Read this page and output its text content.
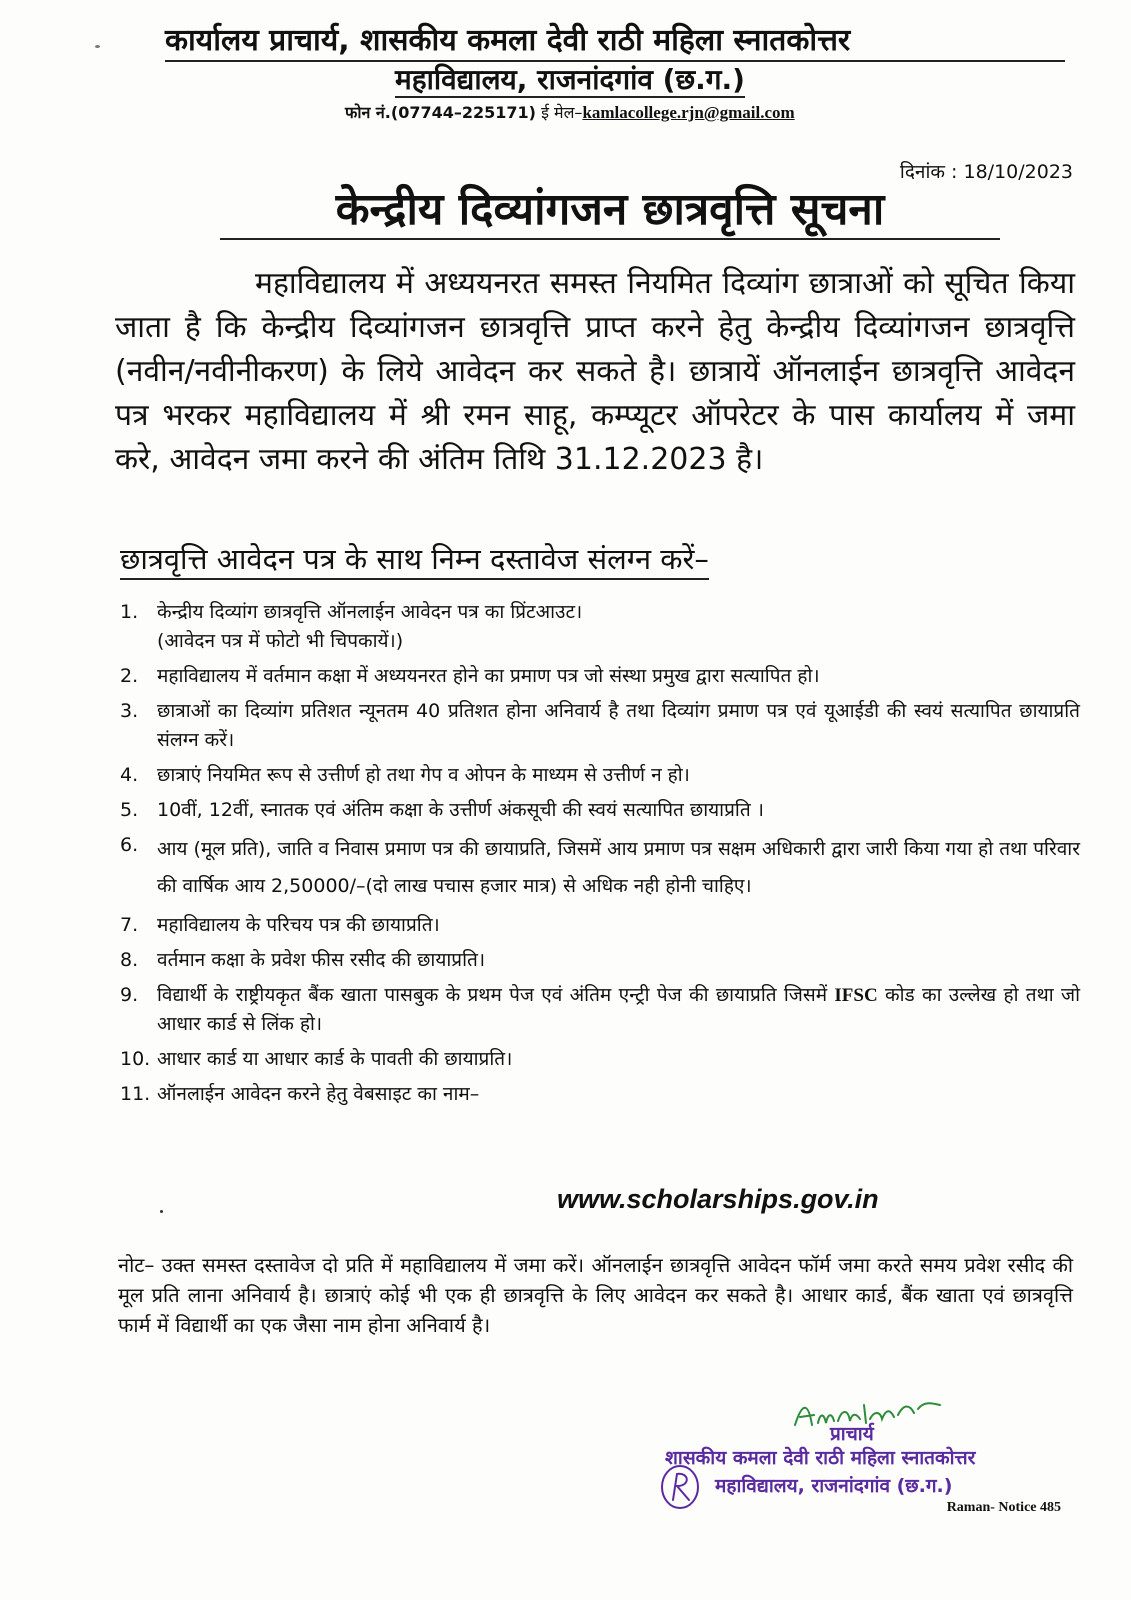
कार्यालय प्राचार्य, शासकीय कमला देवी राठी महिला स्नातकोत्तर
महाविद्यालय, राजनांदगांव (छ.ग.)
फोन नं.(07744–225171) ई मेल–kamlacollege.rjn@gmail.com
दिनांक : 18/10/2023
केन्द्रीय दिव्यांगजन छात्रवृत्ति सूचना
महाविद्यालय में अध्ययनरत समस्त नियमित दिव्यांग छात्राओं को सूचित किया जाता है कि केन्द्रीय दिव्यांगजन छात्रवृत्ति प्राप्त करने हेतु केन्द्रीय दिव्यांगजन छात्रवृत्ति (नवीन/नवीनीकरण) के लिये आवेदन कर सकते है। छात्रायें ऑनलाईन छात्रवृत्ति आवेदन पत्र भरकर महाविद्यालय में श्री रमन साहू, कम्प्यूटर ऑपरेटर के पास कार्यालय में जमा करे, आवेदन जमा करने की अंतिम तिथि 31.12.2023 है।
छात्रवृत्ति आवेदन पत्र के साथ निम्न दस्तावेज संलग्न करें–
1. केन्द्रीय दिव्यांग छात्रवृत्ति ऑनलाईन आवेदन पत्र का प्रिंटआउट।
(आवेदन पत्र में फोटो भी चिपकायें।)
2. महाविद्यालय में वर्तमान कक्षा में अध्ययनरत होने का प्रमाण पत्र जो संस्था प्रमुख द्वारा सत्यापित हो।
3. छात्राओं का दिव्यांग प्रतिशत न्यूनतम 40 प्रतिशत होना अनिवार्य है तथा दिव्यांग प्रमाण पत्र एवं यूआईडी की स्वयं सत्यापित छायाप्रति संलग्न करें।
4. छात्राएं नियमित रूप से उत्तीर्ण हो तथा गेप व ओपन के माध्यम से उत्तीर्ण न हो।
5. 10वीं, 12वीं, स्नातक एवं अंतिम कक्षा के उत्तीर्ण अंकसूची की स्वयं सत्यापित छायाप्रति ।
6. आय (मूल प्रति), जाति व निवास प्रमाण पत्र की छायाप्रति, जिसमें आय प्रमाण पत्र सक्षम अधिकारी द्वारा जारी किया गया हो तथा परिवार की वार्षिक आय 2,50000/–(दो लाख पचास हजार मात्र) से अधिक नही होनी चाहिए।
7. महाविद्यालय के परिचय पत्र की छायाप्रति।
8. वर्तमान कक्षा के प्रवेश फीस रसीद की छायाप्रति।
9. विद्यार्थी के राष्ट्रीयकृत बैंक खाता पासबुक के प्रथम पेज एवं अंतिम एन्ट्री पेज की छायाप्रति जिसमें IFSC कोड का उल्लेख हो तथा जो आधार कार्ड से लिंक हो।
10. आधार कार्ड या आधार कार्ड के पावती की छायाप्रति।
11. ऑनलाईन आवेदन करने हेतु वेबसाइट का नाम–
www.scholarships.gov.in
नोट– उक्त समस्त दस्तावेज दो प्रति में महाविद्यालय में जमा करें। ऑनलाईन छात्रवृत्ति आवेदन फॉर्म जमा करते समय प्रवेश रसीद की मूल प्रति लाना अनिवार्य है। छात्राएं कोई भी एक ही छात्रवृत्ति के लिए आवेदन कर सकते है। आधार कार्ड, बैंक खाता एवं छात्रवृत्ति फार्म में विद्यार्थी का एक जैसा नाम होना अनिवार्य है।
प्राचार्य
शासकीय कमला देवी राठी महिला स्नातकोत्तर
महाविद्यालय, राजनांदगांव (छ.ग.)
Raman- Notice 485
